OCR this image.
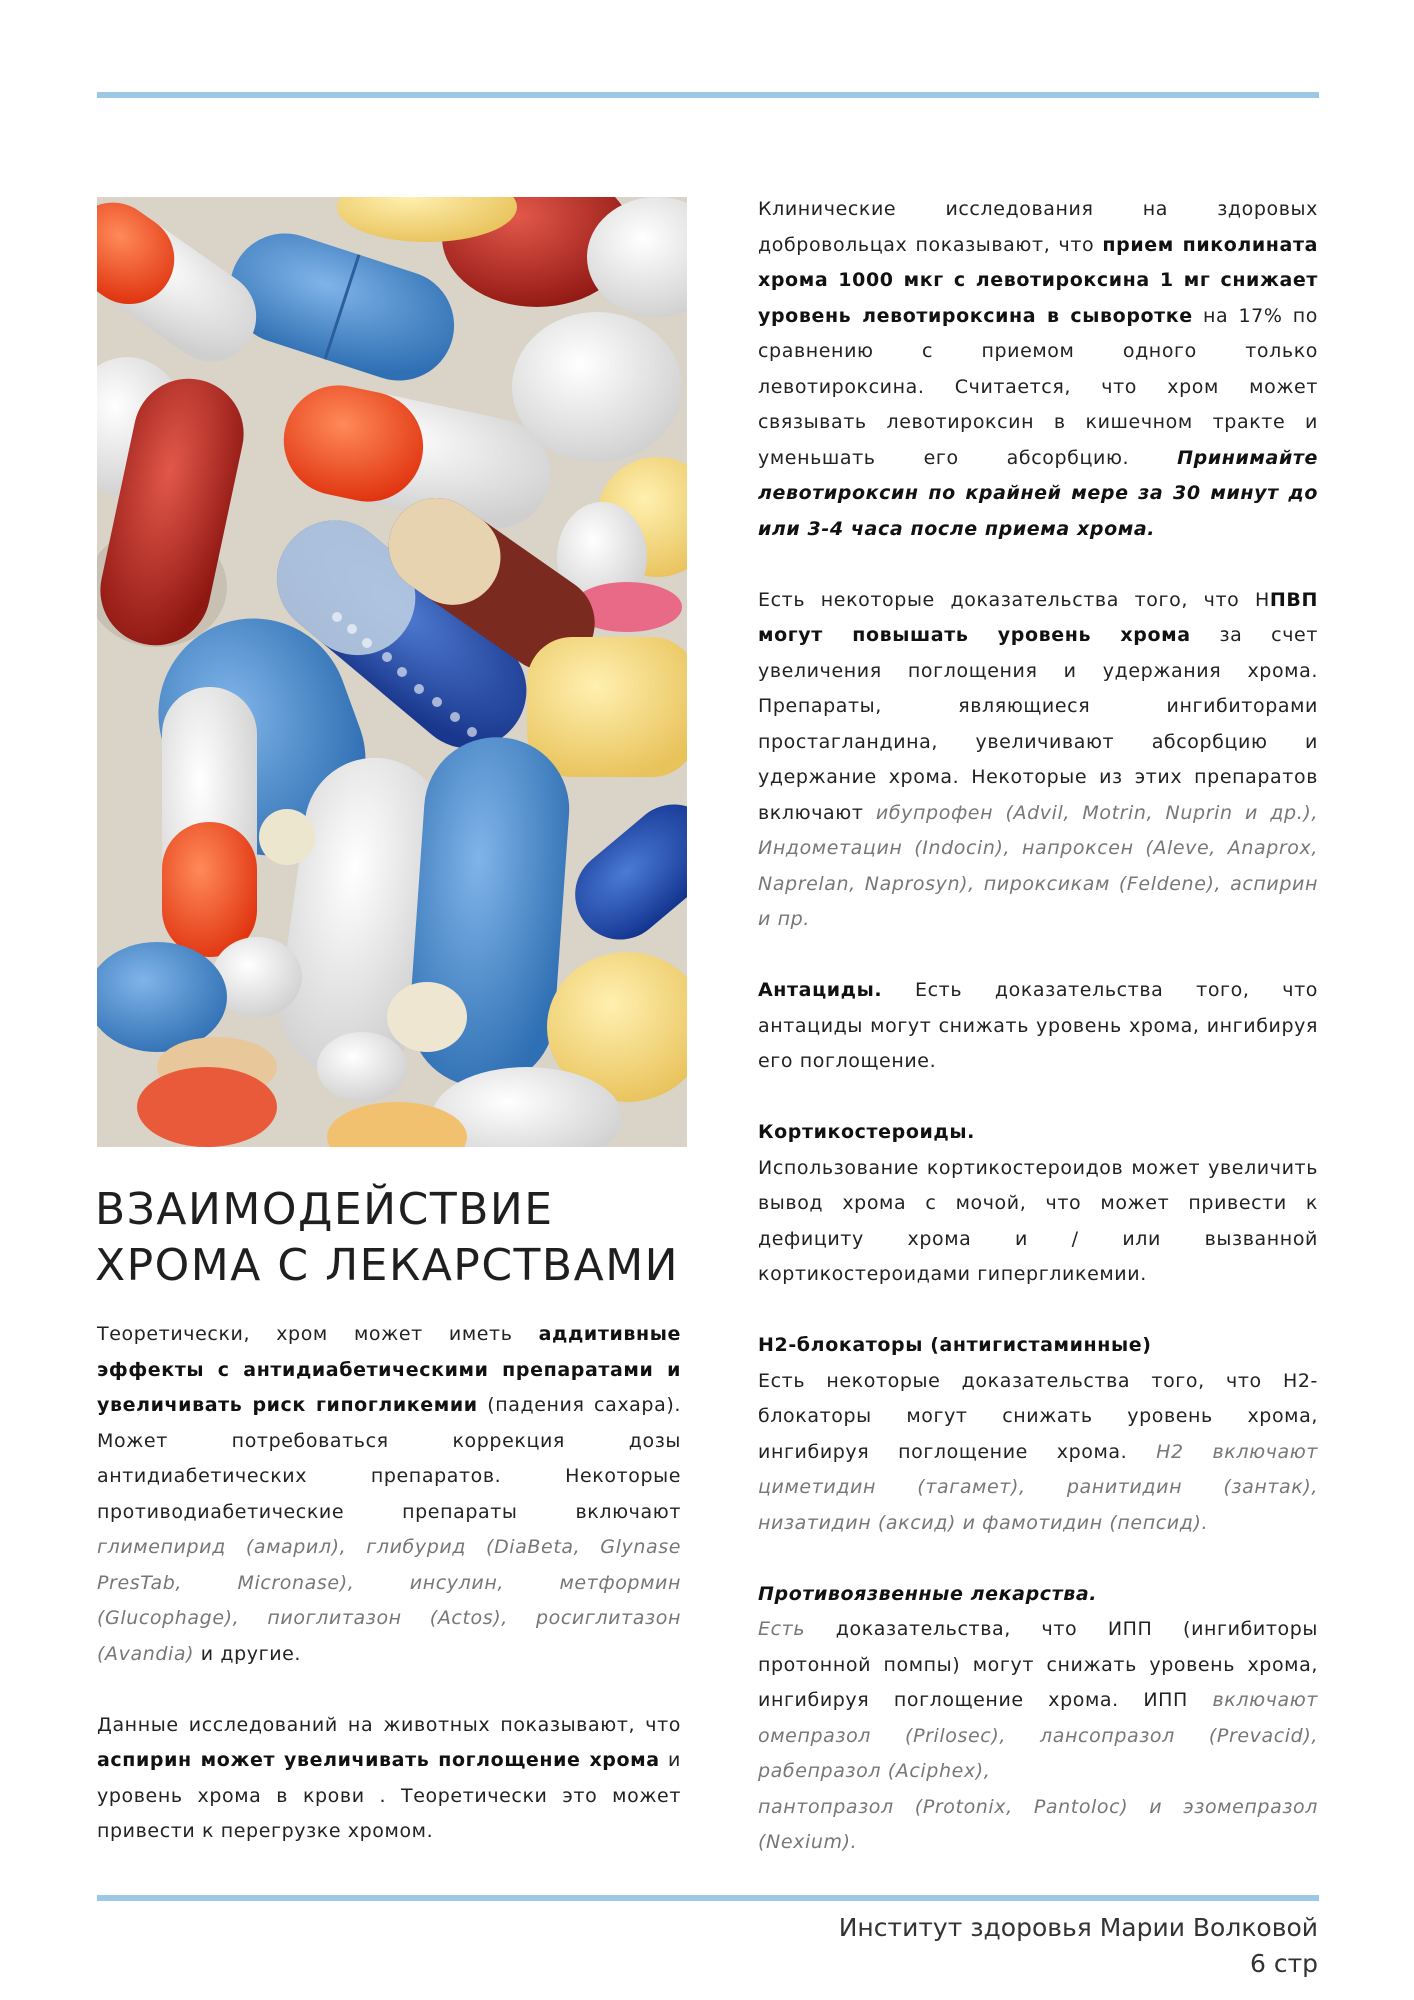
ВЗАИМОДЕЙСТВИЕ
ХРОМА С ЛЕКАРСТВАМИ

Теоретически, хром может иметь аддитивные эффекты с антидиабетическими препаратами и увеличивать риск гипогликемии (падения сахара). Может потребоваться коррекция дозы антидиабетических препаратов. Некоторые противодиабетические препараты включают глимепирид (амарил), глибурид (DiaBeta, Glynase PresTab, Micronase), инсулин, метформин (Glucophage), пиоглитазон (Actos), росиглитазон (Avandia) и другие.

Данные исследований на животных показывают, что аспирин может увеличивать поглощение хрома и уровень хрома в крови . Теоретически это может привести к перегрузке хромом.

Клинические исследования на здоровых добровольцах показывают, что прием пиколината хрома 1000 мкг с левотироксина 1 мг снижает уровень левотироксина в сыворотке на 17% по сравнению с приемом одного только левотироксина. Считается, что хром может связывать левотироксин в кишечном тракте и уменьшать его абсорбцию. Принимайте левотироксин по крайней мере за 30 минут до или 3-4 часа после приема хрома.

Есть некоторые доказательства того, что НПВП могут повышать уровень хрома за счет увеличения поглощения и удержания хрома. Препараты, являющиеся ингибиторами простагландина, увеличивают абсорбцию и удержание хрома. Некоторые из этих препаратов включают ибупрофен (Advil, Motrin, Nuprin и др.), Индометацин (Indocin), напроксен (Aleve, Anaprox, Naprelan, Naprosyn), пироксикам (Feldene), аспирин и пр.

Антациды. Есть доказательства того, что антациды могут снижать уровень хрома, ингибируя его поглощение.

Кортикостероиды.

Использование кортикостероидов может увеличить вывод хрома с мочой, что может привести к дефициту хрома и / или вызванной кортикостероидами гипергликемии.

Н2-блокаторы (антигистаминные)

Есть некоторые доказательства того, что Н2-блокаторы могут снижать уровень хрома, ингибируя поглощение хрома. Н2 включают циметидин (тагамет), ранитидин (зантак), низатидин (аксид) и фамотидин (пепсид).

Противоязвенные лекарства.

Есть доказательства, что ИПП (ингибиторы протонной помпы) могут снижать уровень хрома, ингибируя поглощение хрома. ИПП включают омепразол (Prilosec), лансопразол (Prevacid), рабепразол (Aciphex),

пантопразол (Protonix, Pantoloc) и эзомепразол (Nexium).

Институт здоровья Марии Волковой
6 стр
